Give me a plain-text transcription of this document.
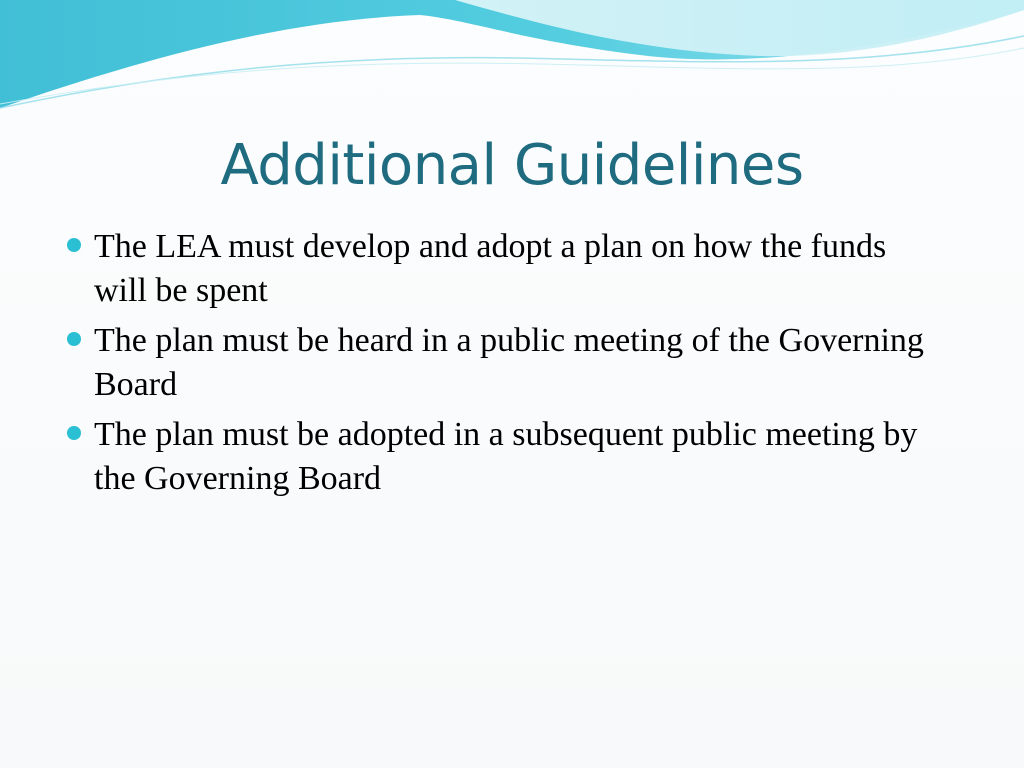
Additional Guidelines
The LEA must develop and adopt a plan on how the funds will be spent
The plan must be heard in a public meeting of the Governing Board
The plan must be adopted in a subsequent public meeting by the Governing Board
